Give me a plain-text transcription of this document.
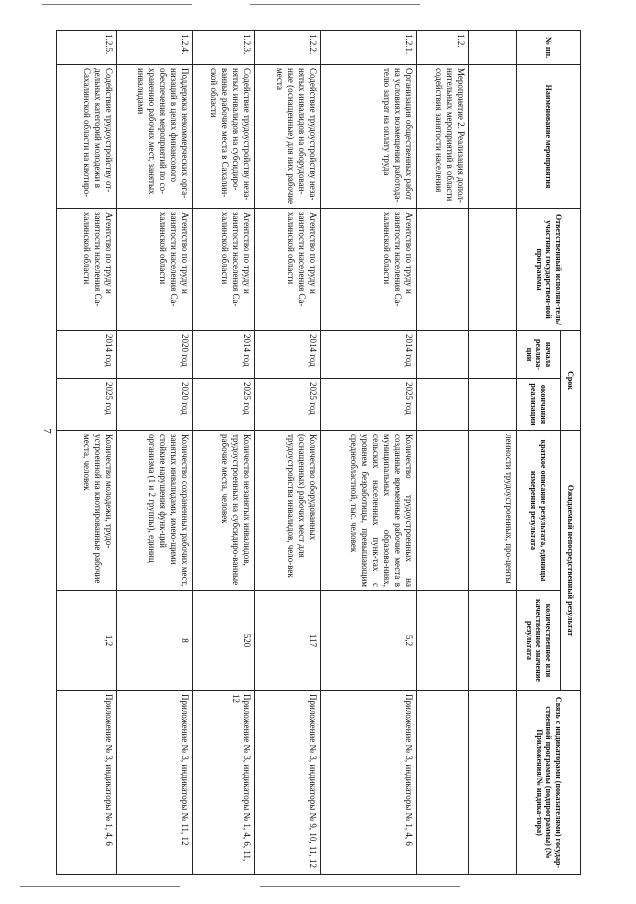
7
№ пп.	Наименование мероприятия	Ответственный исполни-тель/участник государствен-ной программы	Срок		Ожидаемый непосредственный результат		Связь с индикаторами (показателями) государ-ственной программы (подпрограммы) (№ Приложения/№ индика-тора)
			начала реализа-ции	окончания реализации	краткое описание результата, единицы измерения результата	количественное или качественное значение результата	
					ленности трудоустроенных, про-центы		
1.2.	Мероприятие 2. Реализация допол-нительных мероприятий в области содействия занятости населения						
1.2.1.	Организация общественных работ на условиях возмещения работода-телю затрат на оплату труда	Агентство по труду и занятости населения Са-халинской области	2014 год	2025 год	Количество трудоустроенных на созданные временные рабочие места в муниципальных образова-ниях, сельских населенных пунк-тах с уровнем безработицы, превышающим среднеобластной, тыс. человек	5,2	Приложение № 3, индикаторы № 1, 4, 6
1.2.2.	Содействие трудоустройству неза-нятых инвалидов на оборудован-ные (оснащенные) для них рабочие места	Агентство по труду и занятости населения Са-халинской области	2014 год	2025 год	Количество оборудованных (оснащенных) рабочих мест для трудоустройства инвалидов, чело-век	117	Приложение № 3, индикаторы № 9, 10, 11, 12
1.2.3.	Содействие трудоустройству неза-нятых инвалидов на субсидиро-ванные рабочие места в Сахалин-ской области	Агентство по труду и занятости населения Са-халинской области	2014 год	2025 год	Количество незанятых инвалидов, трудоустроенных на субсидиро-ванные рабочие места, человек	520	Приложение № 3, индикаторы № 1, 4, 6, 11, 12
1.2.4.	Поддержка некоммерческих орга-низаций в целях финансового обеспечения мероприятий по со-хранению рабочих мест, занятых инвалидами	Агентство по труду и занятости населения Са-халинской области	2020 год	2020 год	Количество сохраненных рабочих мест, занятых инвалидами, имею-щими стойкие нарушения функ-ций организма (1 и 2 группы), единиц	8	Приложение № 3, индикаторы № 11, 12
1.2.5.	Содействие трудоустройству от-дельных категорий молодежи в Сахалинской области на квотиро-	Агентство по труду и занятости населения Са-халинской области	2014 год	2025 год	Количество молодежи, трудо-устроенной на квотированные рабочие места, человек	1,2	Приложение № 3, индикаторы № 1, 4, 6
